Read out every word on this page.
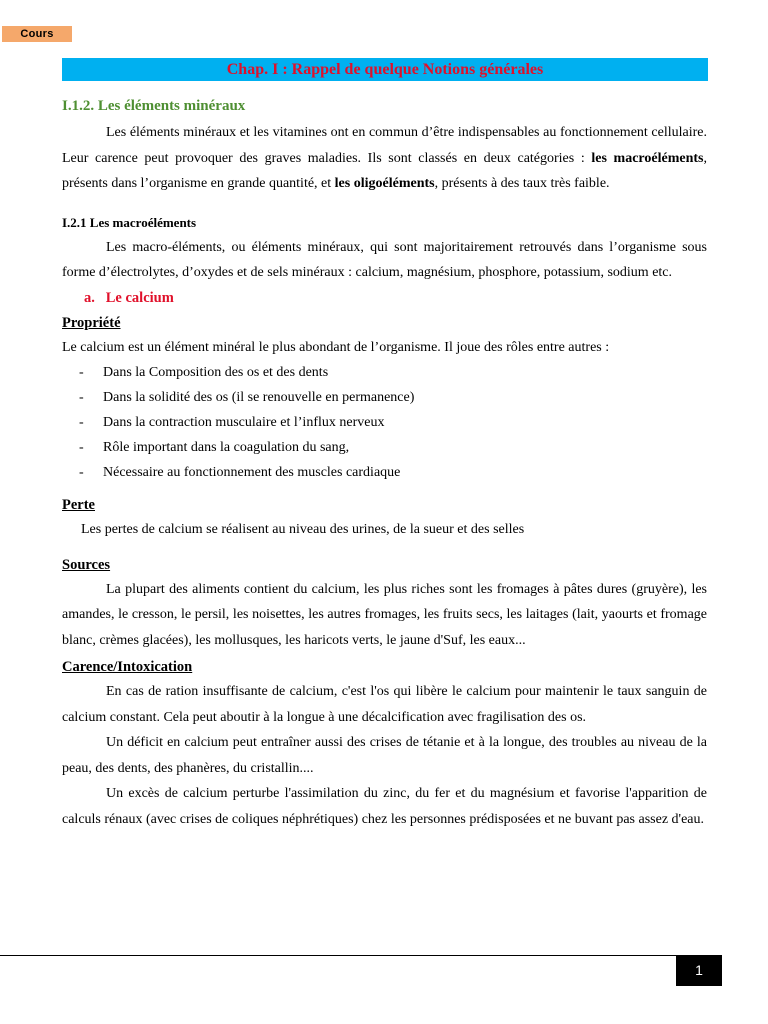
Cours
Chap. I : Rappel de quelque Notions générales
I.1.2. Les éléments minéraux

Les éléments minéraux et les vitamines ont en commun d’être indispensables au fonctionnement cellulaire. Leur carence peut provoquer des graves maladies. Ils sont classés en deux catégories : les macroéléments, présents dans l’organisme en grande quantité, et les oligoéléments, présents à des taux très faible.

I.2.1 Les macroéléments

Les macro-éléments, ou éléments minéraux, qui sont majoritairement retrouvés dans l’organisme sous forme d’électrolytes, d’oxydes et de sels minéraux : calcium, magnésium, phosphore, potassium, sodium etc.

a.   Le calcium
Propriété

Le calcium est un élément minéral le plus abondant de l’organisme. Il joue des rôles entre autres :

- Dans la Composition des os et des dents
- Dans la solidité des os (il se renouvelle en permanence)
- Dans la contraction musculaire et l’influx nerveux
- Rôle important dans la coagulation du sang,
- Nécessaire au fonctionnement des muscles cardiaque
Perte

Les pertes de calcium se réalisent au niveau des urines, de la sueur et des selles

Sources

La plupart des aliments contient du calcium, les plus riches sont les fromages à pâtes dures (gruyère), les amandes, le cresson, le persil, les noisettes, les autres fromages, les fruits secs, les laitages (lait, yaourts et fromage blanc, crèmes glacées), les mollusques, les haricots verts, le jaune d'Suf, les eaux...

Carence/Intoxication

En cas de ration insuffisante de calcium, c'est l'os qui libère le calcium pour maintenir le taux sanguin de calcium constant. Cela peut aboutir à la longue à une décalcification avec fragilisation des os.

Un déficit en calcium peut entraîner aussi des crises de tétanie et à la longue, des troubles au niveau de la peau, des dents, des phanères, du cristallin....

Un excès de calcium perturbe l'assimilation du zinc, du fer et du magnésium et favorise l'apparition de calculs rénaux (avec crises de coliques néphrétiques) chez les personnes prédisposées et ne buvant pas assez d'eau.

1
